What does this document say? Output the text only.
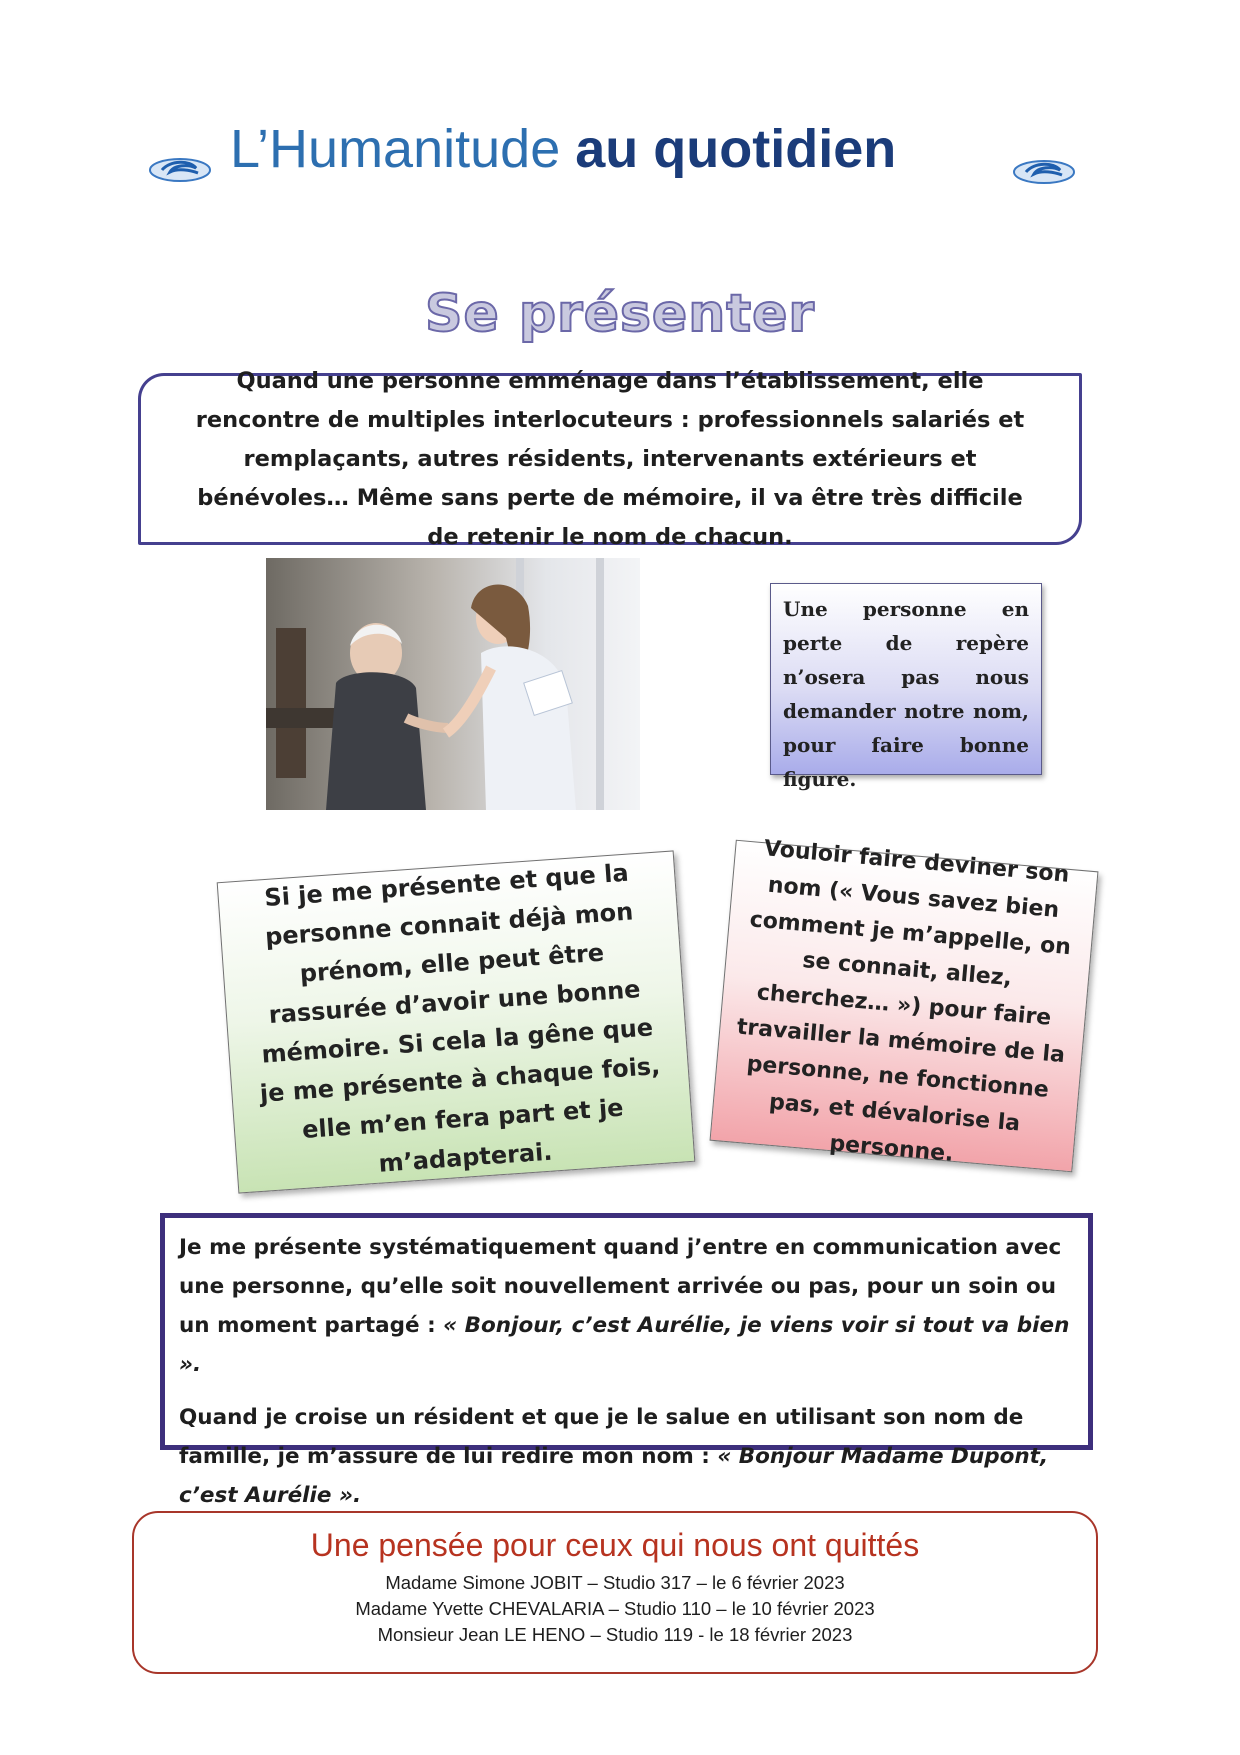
L’Humanitude au quotidien
Se présenter

Quand une personne emménage dans l’établissement, elle rencontre de multiples interlocuteurs : professionnels salariés et remplaçants, autres résidents, intervenants extérieurs et bénévoles… Même sans perte de mémoire, il va être très difficile de retenir le nom de chacun.

Une personne en perte de repère n’osera pas nous demander notre nom, pour faire bonne figure.

Si je me présente et que la personne connait déjà mon prénom, elle peut être rassurée d’avoir une bonne mémoire. Si cela la gêne que je me présente à chaque fois, elle m’en fera part et je m’adapterai.

Vouloir faire deviner son nom (« Vous savez bien comment je m’appelle, on se connait, allez, cherchez… ») pour faire travailler la mémoire de la personne, ne fonctionne pas, et dévalorise la personne.

Je me présente systématiquement quand j’entre en communication avec une personne, qu’elle soit nouvellement arrivée ou pas, pour un soin ou un moment partagé : « Bonjour, c’est Aurélie, je viens voir si tout va bien ».

Quand je croise un résident et que je le salue en utilisant son nom de famille, je m’assure de lui redire mon nom : « Bonjour Madame Dupont, c’est Aurélie ».

Une pensée pour ceux qui nous ont quittés

Madame Simone JOBIT – Studio 317 – le 6 février 2023

Madame Yvette CHEVALARIA – Studio 110 – le 10 février 2023

Monsieur Jean LE HENO – Studio 119 - le 18 février 2023
